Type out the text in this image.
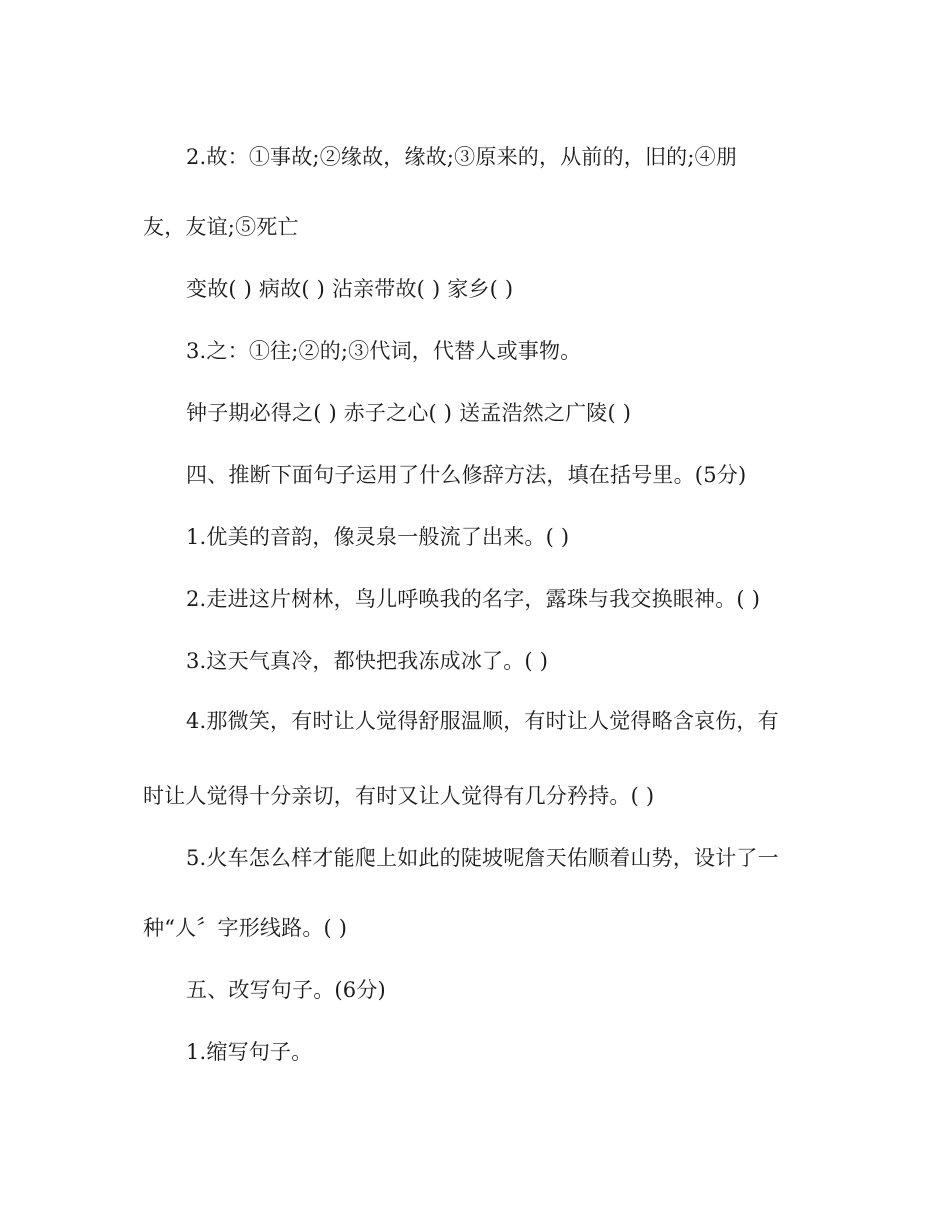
2.故：①事故;②缘故，缘故;③原来的，从前的，旧的;④朋
友，友谊;⑤死亡
变故( ) 病故( ) 沾亲带故( ) 家乡( )
3.之：①往;②的;③代词，代替人或事物。
钟子期必得之( ) 赤子之心( ) 送孟浩然之广陵( )
四、推断下面句子运用了什么修辞方法，填在括号里。(5分)
1.优美的音韵，像灵泉一般流了出来。( )
2.走进这片树林，鸟儿呼唤我的名字，露珠与我交换眼神。( )
3.这天气真冷，都快把我冻成冰了。( )
4.那微笑，有时让人觉得舒服温顺，有时让人觉得略含哀伤，有
时让人觉得十分亲切，有时又让人觉得有几分矜持。( )
5.火车怎么样才能爬上如此的陡坡呢詹天佑顺着山势，设计了一
种“人〞字形线路。( )
五、改写句子。(6分)
1.缩写句子。
